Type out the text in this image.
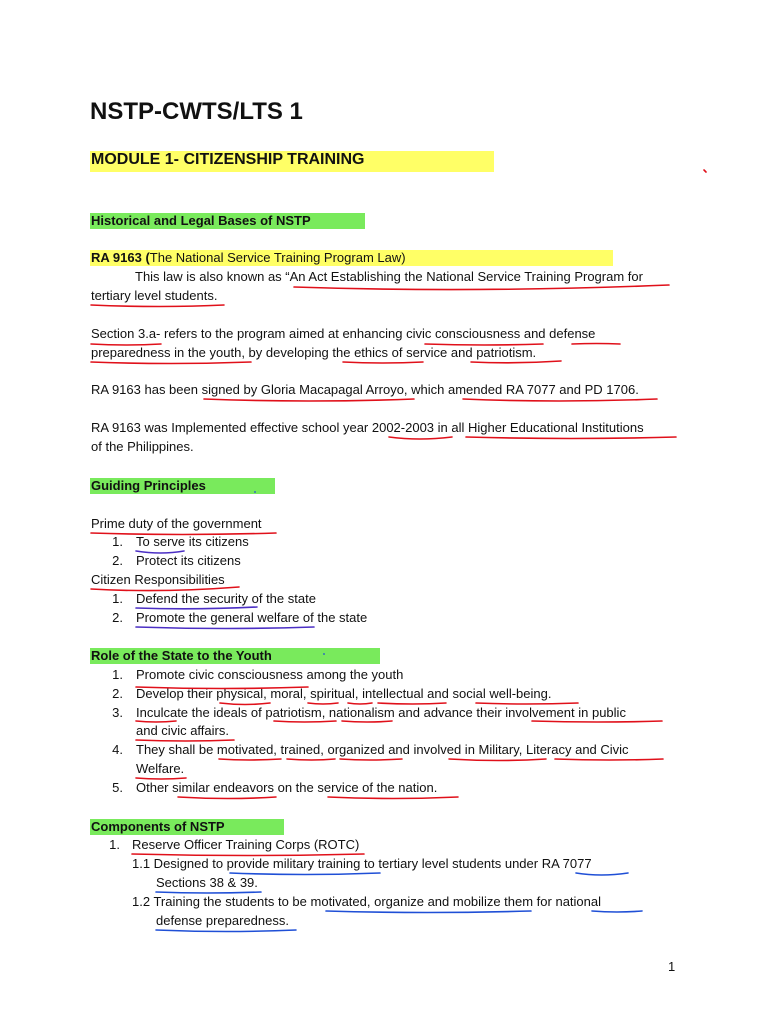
NSTP-CWTS/LTS 1
MODULE 1- CITIZENSHIP TRAINING
Historical and Legal Bases of NSTP
RA 9163 (The National Service Training Program Law)
This law is also known as “An Act Establishing the National Service Training Program for
tertiary level students.
Section 3.a- refers to the program aimed at enhancing civic consciousness and defense
preparedness in the youth, by developing the ethics of service and patriotism.
RA 9163 has been signed by Gloria Macapagal Arroyo, which amended RA 7077 and PD 1706.
RA 9163 was Implemented effective school year 2002-2003 in all Higher Educational Institutions
of the Philippines.
Guiding Principles
Prime duty of the government
1. To serve its citizens
2. Protect its citizens
Citizen Responsibilities
1. Defend the security of the state
2. Promote the general welfare of the state
Role of the State to the Youth
1. Promote civic consciousness among the youth
2. Develop their physical, moral, spiritual, intellectual and social well-being.
3. Inculcate the ideals of patriotism, nationalism and advance their involvement in public
and civic affairs.
4. They shall be motivated, trained, organized and involved in Military, Literacy and Civic
Welfare.
5. Other similar endeavors on the service of the nation.
Components of NSTP
1. Reserve Officer Training Corps (ROTC)
1.1 Designed to provide military training to tertiary level students under RA 7077
Sections 38 & 39.
1.2 Training the students to be motivated, organize and mobilize them for national
defense preparedness.
1
